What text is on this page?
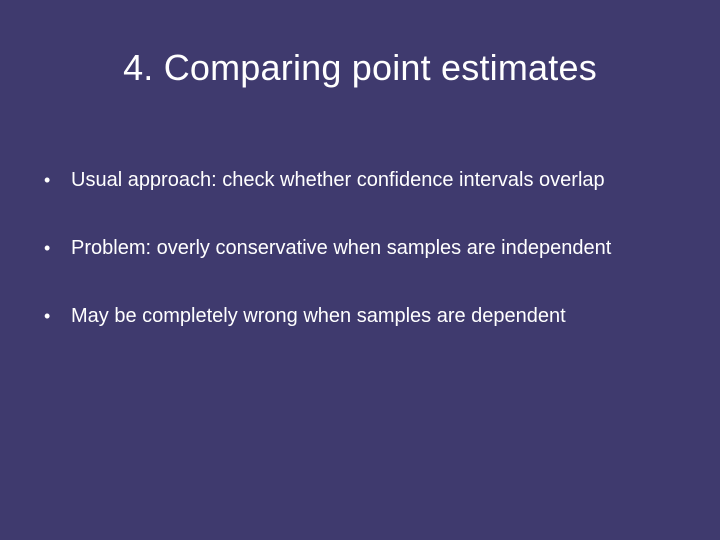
4. Comparing point estimates
•	Usual approach: check whether confidence intervals overlap
•	Problem: overly conservative when samples are independent
•	May be completely wrong when samples are dependent
